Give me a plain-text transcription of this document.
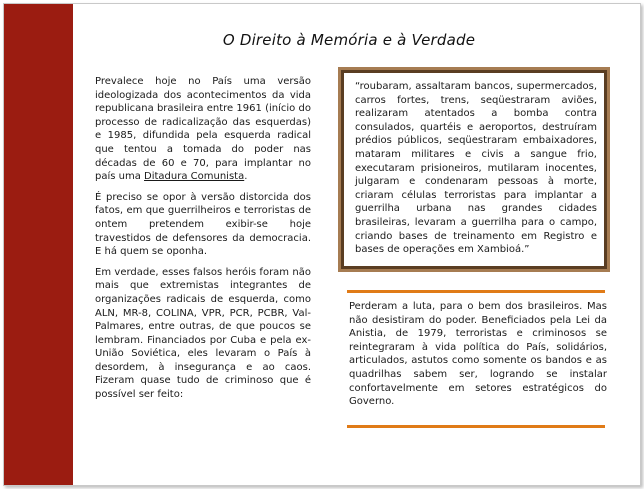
O Direito à Memória e à Verdade

Prevalece hoje no País uma versão ideologizada dos acontecimentos da vida republicana brasileira entre 1961 (início do processo de radicalização das esquerdas) e 1985, difundida pela esquerda radical que tentou a tomada do poder nas décadas de 60 e 70, para implantar no país uma Ditadura Comunista.

É preciso se opor à versão distorcida dos fatos, em que guerrilheiros e terroristas de ontem pretendem exibir-se hoje travestidos de defensores da democracia. E há quem se oponha.

Em verdade, esses falsos heróis foram não mais que extremistas integrantes de organizações radicais de esquerda, como ALN, MR-8, COLINA, VPR, PCR, PCBR, Val-Palmares, entre outras, de que poucos se lembram. Financiados por Cuba e pela ex-União Soviética, eles levaram o País à desordem, à insegurança e ao caos. Fizeram quase tudo de criminoso que é possível ser feito:

“roubaram, assaltaram bancos, supermercados, carros fortes, trens, seqüestraram aviões, realizaram atentados a bomba contra consulados, quartéis e aeroportos, destruíram prédios públicos, seqüestraram embaixadores, mataram militares e civis a sangue frio, executaram prisioneiros, mutilaram inocentes, julgaram e condenaram pessoas à morte, criaram células terroristas para implantar a guerrilha urbana nas grandes cidades brasileiras, levaram a guerrilha para o campo, criando bases de treinamento em Registro e bases de operações em Xambioá.”
Perderam a luta, para o bem dos brasileiros. Mas não desistiram do poder. Beneficiados pela Lei da Anistia, de 1979, terroristas e criminosos se reintegraram à vida política do País, solidários, articulados, astutos como somente os bandos e as quadrilhas sabem ser, logrando se instalar confortavelmente em setores estratégicos do Governo.
